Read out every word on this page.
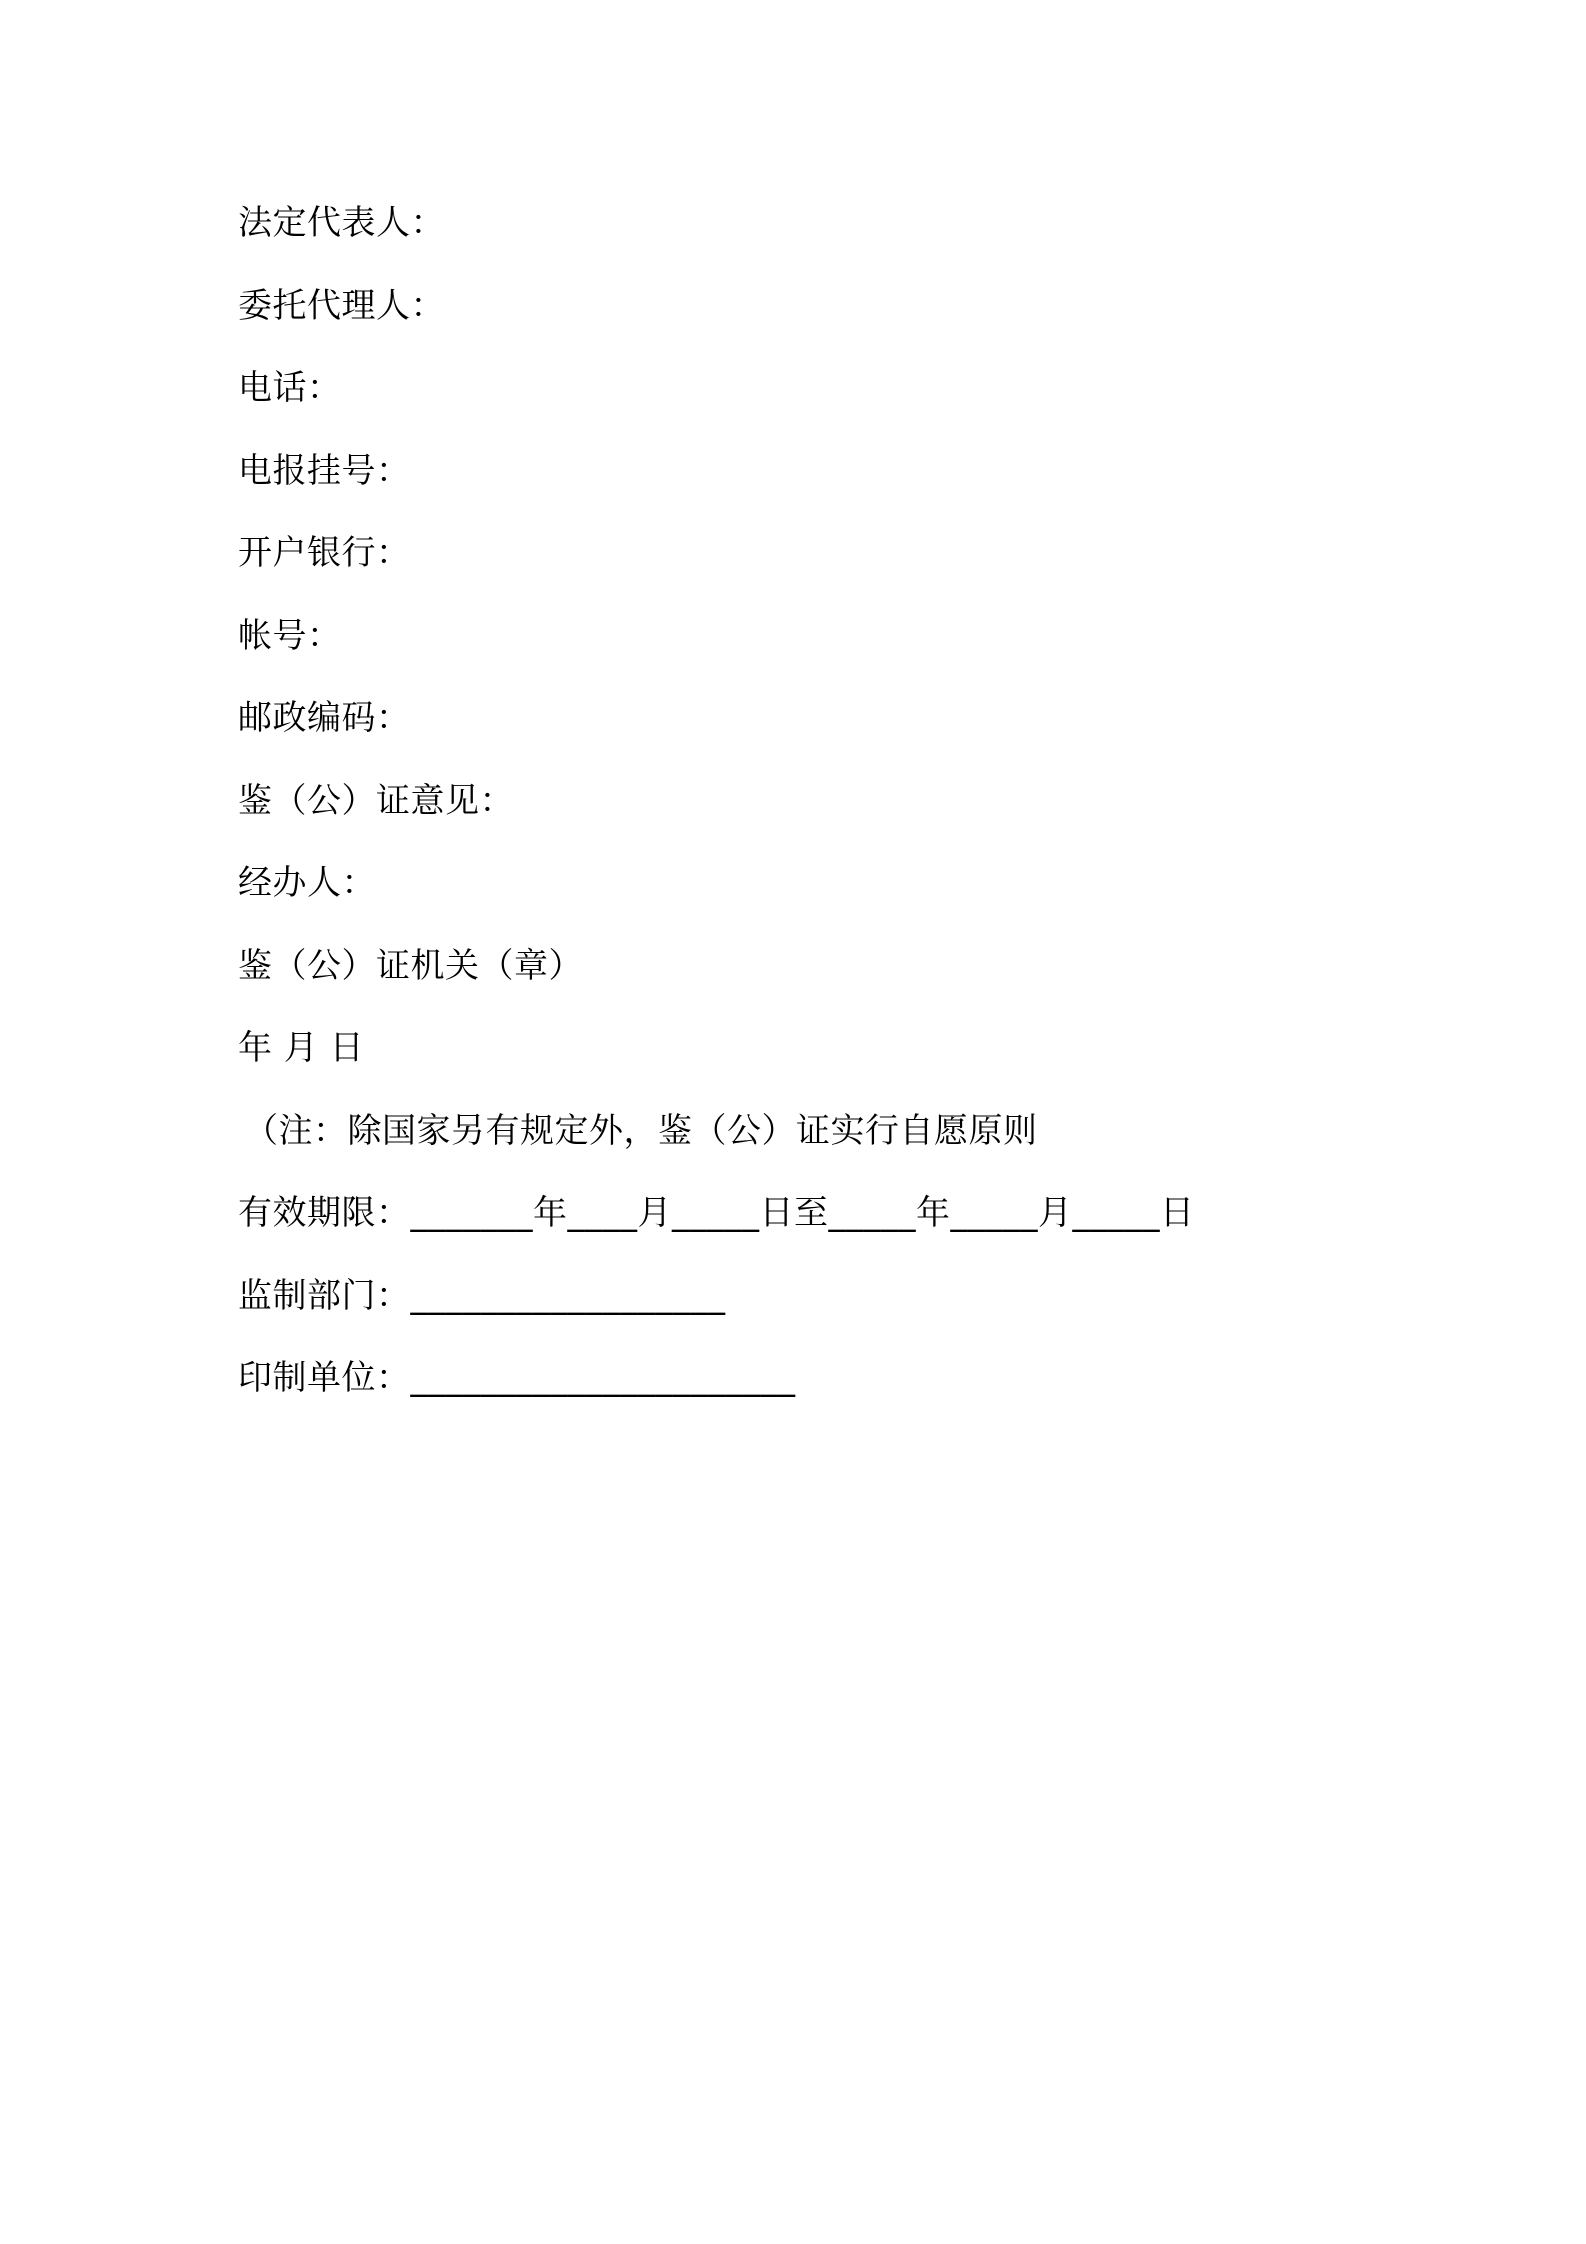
法定代表人：
委托代理人：
电话：
电报挂号：
开户银行：
帐号：
邮政编码：
鉴（公）证意见：
经办人：
鉴（公）证机关（章）
年 月 日
（注：除国家另有规定外，鉴（公）证实行自愿原则
有效期限：_______年____月_____日至_____年_____月_____日
监制部门：__________________
印制单位：______________________
